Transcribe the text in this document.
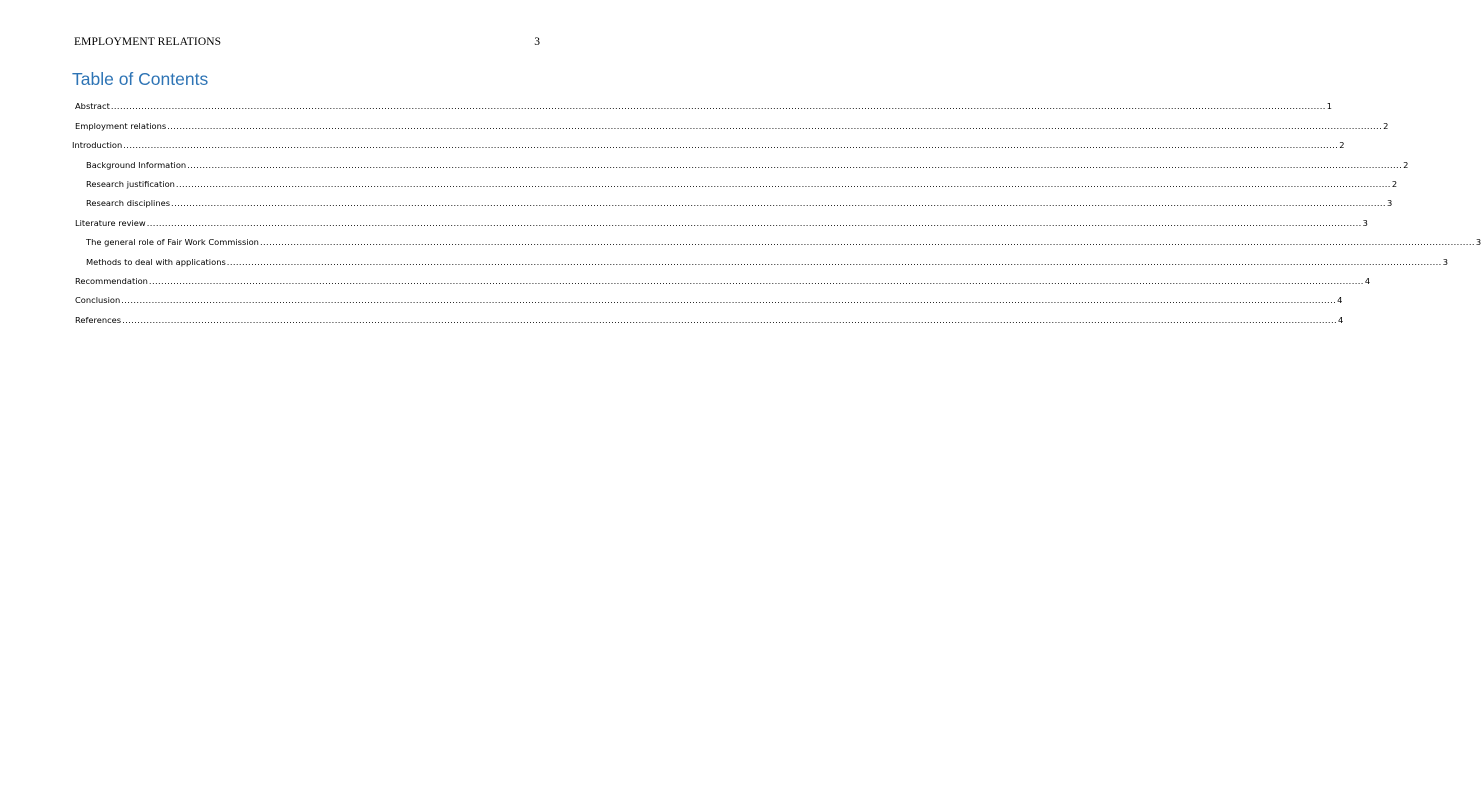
EMPLOYMENT RELATIONS	3
Table of Contents
Abstract ................................................................................................................................................................................................................................................................................................................................................................................................................ 1
Employment relations ................................................................................................................................................................................................................................................................................................................................................................................................................ 2
Introduction ................................................................................................................................................................................................................................................................................................................................................................................................................ 2
Background Information ................................................................................................................................................................................................................................................................................................................................................................................................................ 2
Research justification ................................................................................................................................................................................................................................................................................................................................................................................................................ 2
Research disciplines ................................................................................................................................................................................................................................................................................................................................................................................................................ 3
Literature review ................................................................................................................................................................................................................................................................................................................................................................................................................ 3
The general role of Fair Work Commission ................................................................................................................................................................................................................................................................................................................................................................................................................ 3
Methods to deal with applications ................................................................................................................................................................................................................................................................................................................................................................................................................ 3
Recommendation ................................................................................................................................................................................................................................................................................................................................................................................................................ 4
Conclusion ................................................................................................................................................................................................................................................................................................................................................................................................................ 4
References ................................................................................................................................................................................................................................................................................................................................................................................................................ 4
